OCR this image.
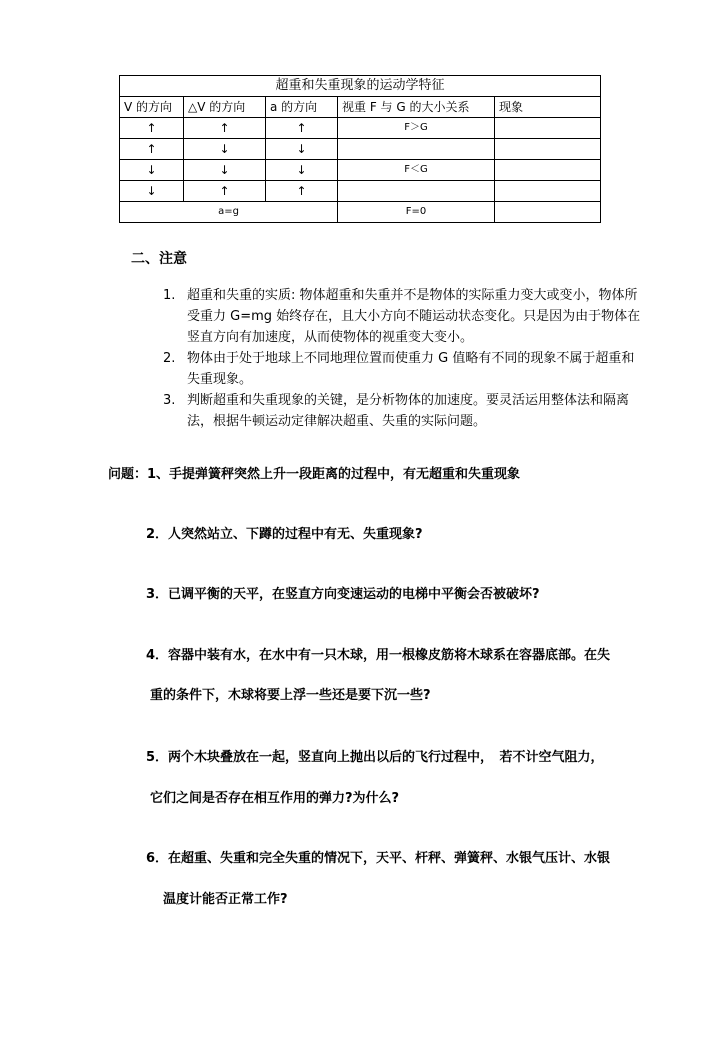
超重和失重现象的运动学特征				
V 的方向	△V 的方向	a 的方向	视重 F 与 G 的大小关系	现象
↑	↑	↑	F＞G	
↑	↓	↓		
↓	↓	↓	F＜G	
↓	↑	↑		
a=g			F=0	
二、注意
1. 超重和失重的实质: 物体超重和失重并不是物体的实际重力变大或变小，物体所受重力 G=mg 始终存在，且大小方向不随运动状态变化。只是因为由于物体在竖直方向有加速度，从而使物体的视重变大变小。
2. 物体由于处于地球上不同地理位置而使重力 G 值略有不同的现象不属于超重和失重现象。
3. 判断超重和失重现象的关键，是分析物体的加速度。要灵活运用整体法和隔离法，根据牛顿运动定律解决超重、失重的实际问题。
问题：1、手提弹簧秤突然上升一段距离的过程中，有无超重和失重现象
2．人突然站立、下蹲的过程中有无、失重现象?
3．已调平衡的天平，在竖直方向变速运动的电梯中平衡会否被破坏?
4．容器中装有水，在水中有一只木球，用一根橡皮筋将木球系在容器底部。在失
重的条件下，木球将要上浮一些还是要下沉一些?
5．两个木块叠放在一起，竖直向上抛出以后的飞行过程中，　若不计空气阻力，
它们之间是否存在相互作用的弹力?为什么?
6．在超重、失重和完全失重的情况下，天平、杆秤、弹簧秤、水银气压计、水银
温度计能否正常工作?
